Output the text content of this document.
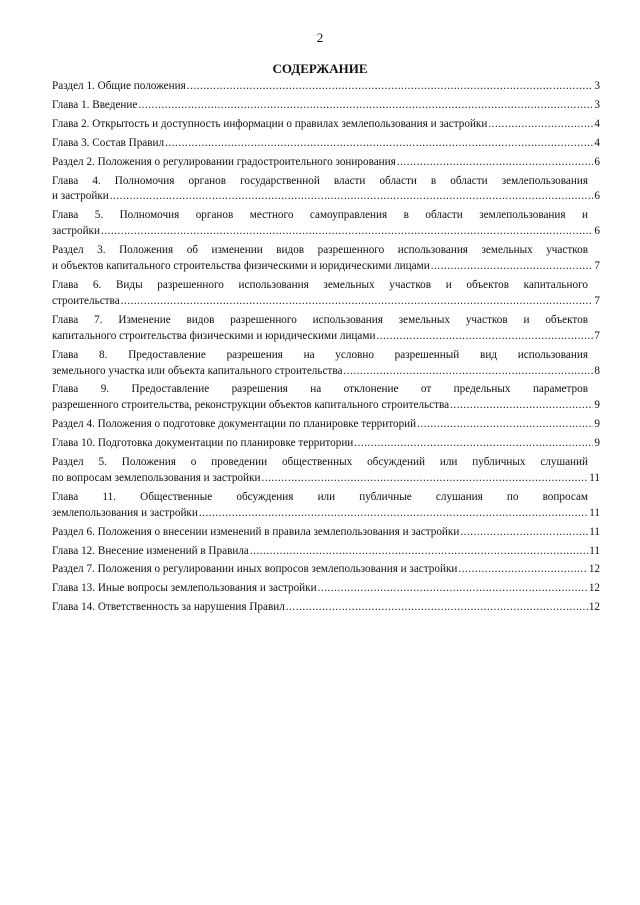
2
СОДЕРЖАНИЕ
Раздел 1. Общие положения .....	3
Глава 1. Введение .....	3
Глава 2. Открытость и доступность информации о правилах землепользования и застройки .....	4
Глава 3. Состав Правил .....	4
Раздел 2. Положения о регулировании градостроительного зонирования .....	6
Глава 4. Полномочия органов государственной власти области в области землепользования
и застройки .....	6
Глава 5. Полномочия органов местного самоуправления в области землепользования и
застройки .....	6
Раздел 3. Положения об изменении видов разрешенного использования земельных участков
и объектов капитального строительства физическими и юридическими лицами .....	7
Глава 6. Виды разрешенного использования земельных участков и объектов капитального
строительства .....	7
Глава 7. Изменение видов разрешенного использования земельных участков и объектов
капитального строительства физическими и юридическими лицами .....	7
Глава 8. Предоставление разрешения на условно разрешенный вид использования
земельного участка или объекта капитального строительства .....	8
Глава 9. Предоставление разрешения на отклонение от предельных параметров
разрешенного строительства, реконструкции объектов капитального строительства .....	9
Раздел 4. Положения о подготовке документации по планировке территорий .....	9
Глава 10. Подготовка документации по планировке территории .....	9
Раздел 5. Положения о проведении общественных обсуждений или публичных слушаний
по вопросам землепользования и застройки .....	11
Глава 11. Общественные обсуждения или публичные слушания по вопросам
землепользования и застройки .....	11
Раздел 6. Положения о внесении изменений в правила землепользования и застройки .....	11
Глава 12. Внесение изменений в Правила .....	11
Раздел 7. Положения о регулировании иных вопросов землепользования и застройки .....	12
Глава 13. Иные вопросы землепользования и застройки .....	12
Глава 14. Ответственность за нарушения Правил .....	12
